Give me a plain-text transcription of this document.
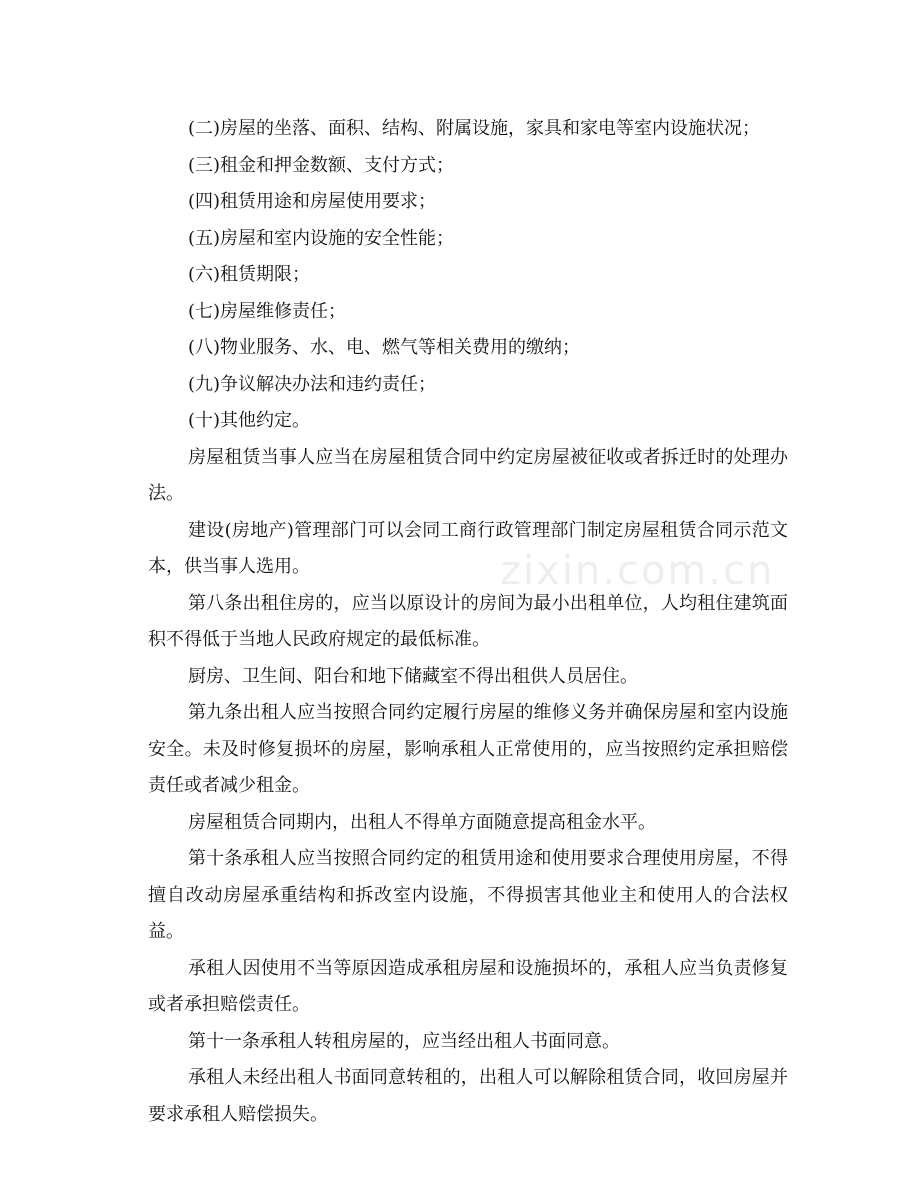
(二)房屋的坐落、面积、结构、附属设施，家具和家电等室内设施状况；

(三)租金和押金数额、支付方式；

(四)租赁用途和房屋使用要求；

(五)房屋和室内设施的安全性能；

(六)租赁期限；

(七)房屋维修责任；

(八)物业服务、水、电、燃气等相关费用的缴纳；

(九)争议解决办法和违约责任；

(十)其他约定。

房屋租赁当事人应当在房屋租赁合同中约定房屋被征收或者拆迁时的处理办法。

建设(房地产)管理部门可以会同工商行政管理部门制定房屋租赁合同示范文本，供当事人选用。

第八条出租住房的，应当以原设计的房间为最小出租单位，人均租住建筑面积不得低于当地人民政府规定的最低标准。

厨房、卫生间、阳台和地下储藏室不得出租供人员居住。

第九条出租人应当按照合同约定履行房屋的维修义务并确保房屋和室内设施安全。未及时修复损坏的房屋，影响承租人正常使用的，应当按照约定承担赔偿责任或者减少租金。

房屋租赁合同期内，出租人不得单方面随意提高租金水平。

第十条承租人应当按照合同约定的租赁用途和使用要求合理使用房屋，不得擅自改动房屋承重结构和拆改室内设施，不得损害其他业主和使用人的合法权益。

承租人因使用不当等原因造成承租房屋和设施损坏的，承租人应当负责修复或者承担赔偿责任。

第十一条承租人转租房屋的，应当经出租人书面同意。

承租人未经出租人书面同意转租的，出租人可以解除租赁合同，收回房屋并要求承租人赔偿损失。

zixin.com.cn
